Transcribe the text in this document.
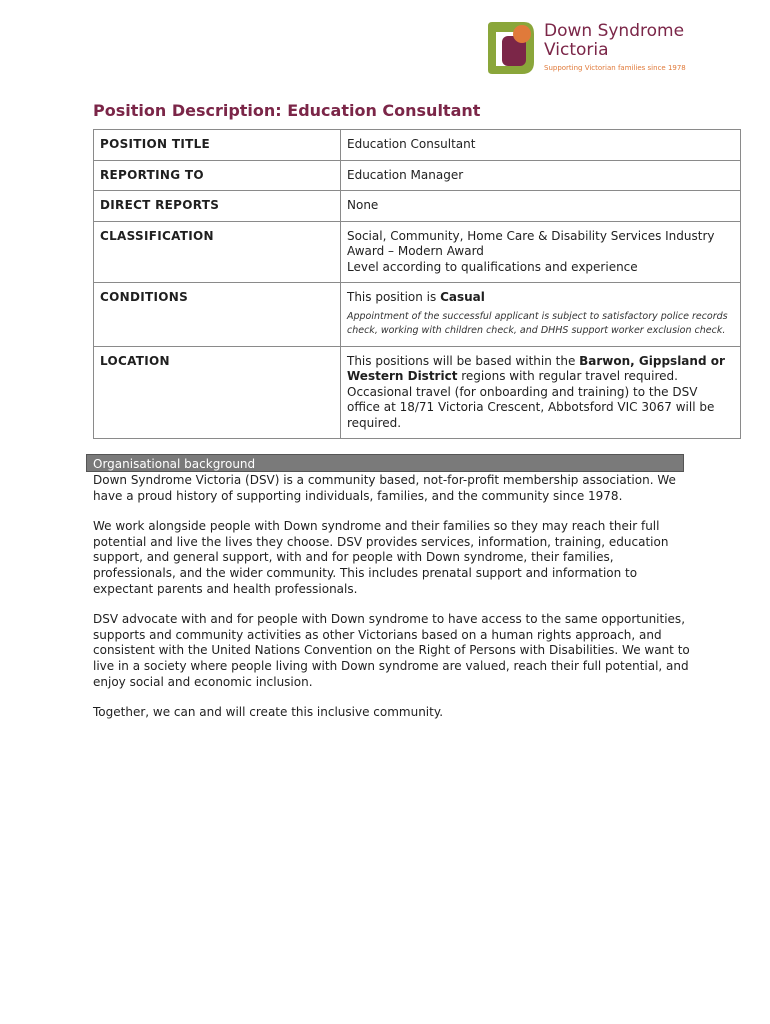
Down Syndrome
Victoria
Supporting Victorian families since 1978
Position Description: Education Consultant
POSITION TITLE	Education Consultant
REPORTING TO	Education Manager
DIRECT REPORTS	None
CLASSIFICATION	Social, Community, Home Care & Disability Services Industry Award – Modern Award
Level according to qualifications and experience

CONDITIONS	This position is Casual
Appointment of the successful applicant is subject to satisfactory police records check, working with children check, and DHHS support worker exclusion check.

LOCATION	This positions will be based within the Barwon, Gippsland or Western District regions with regular travel required. Occasional travel (for onboarding and training) to the DSV office at 18/71 Victoria Crescent, Abbotsford VIC 3067 will be required.
Organisational background

Down Syndrome Victoria (DSV) is a community based, not-for-profit membership association. We have a proud history of supporting individuals, families, and the community since 1978.

We work alongside people with Down syndrome and their families so they may reach their full potential and live the lives they choose. DSV provides services, information, training, education support, and general support, with and for people with Down syndrome, their families, professionals, and the wider community. This includes prenatal support and information to expectant parents and health professionals.

DSV advocate with and for people with Down syndrome to have access to the same opportunities, supports and community activities as other Victorians based on a human rights approach, and consistent with the United Nations Convention on the Right of Persons with Disabilities. We want to live in a society where people living with Down syndrome are valued, reach their full potential, and enjoy social and economic inclusion.

Together, we can and will create this inclusive community.
